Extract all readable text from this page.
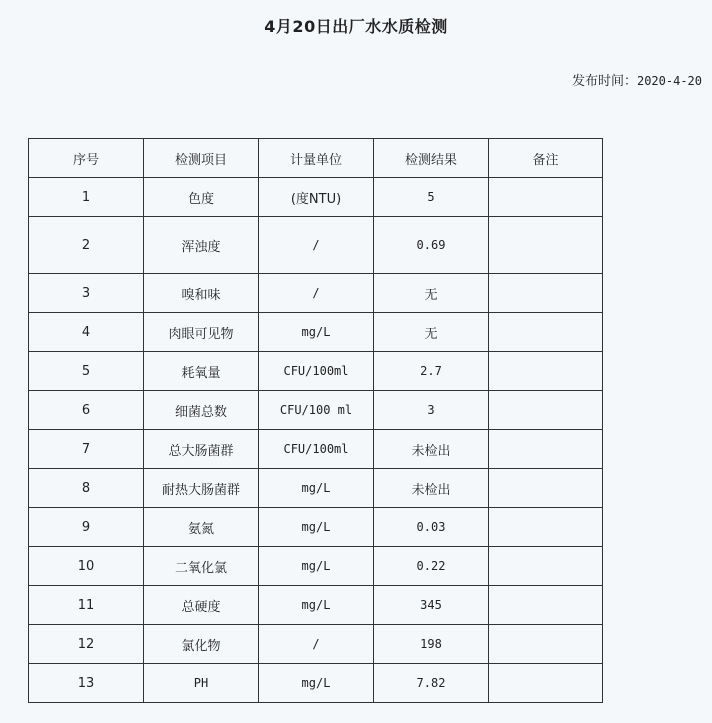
4月20日出厂水水质检测
发布时间：2020-4-20
序号	检测项目	计量单位	检测结果	备注
1	色度	(度NTU)	5	
2	浑浊度	/	0.69	
3	嗅和味	/	无	
4	肉眼可见物	mg/L	无	
5	耗氧量	CFU/100ml	2.7	
6	细菌总数	CFU/100 ml	3	
7	总大肠菌群	CFU/100ml	未检出	
8	耐热大肠菌群	mg/L	未检出	
9	氨氮	mg/L	0.03	
10	二氧化氯	mg/L	0.22	
11	总硬度	mg/L	345	
12	氯化物	/	198	
13	PH	mg/L	7.82	
